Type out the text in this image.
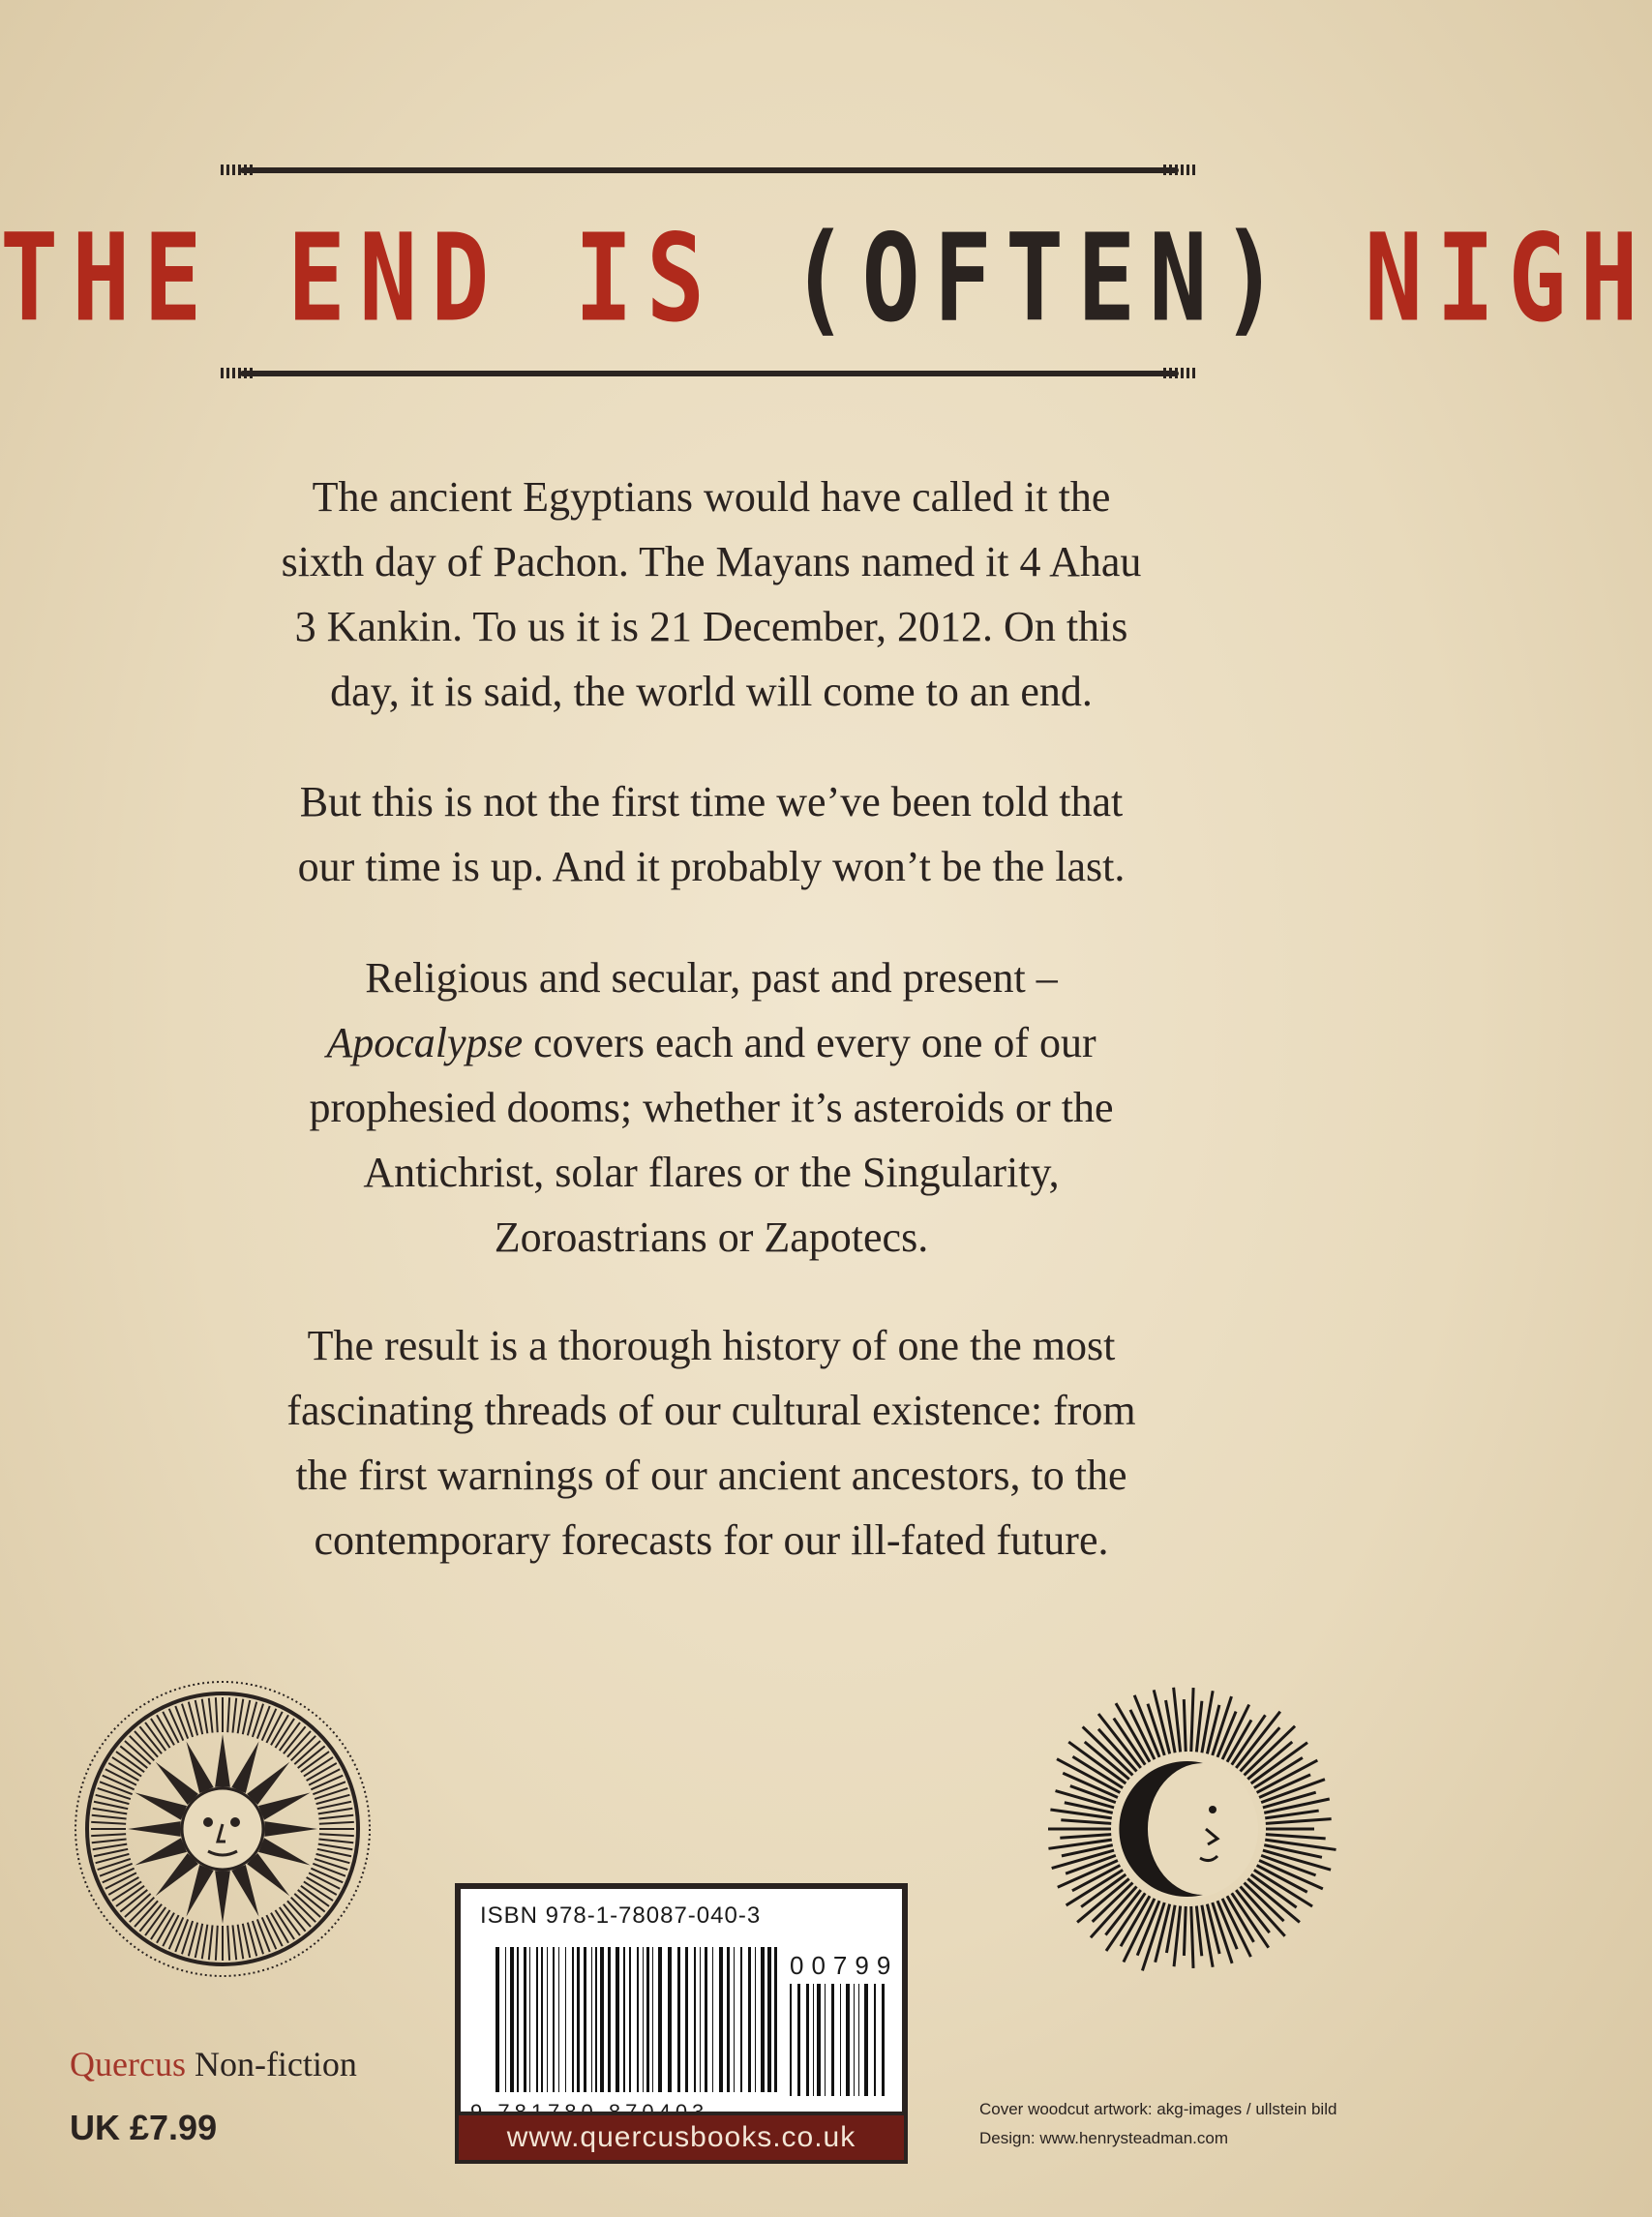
THE END IS (OFTEN) NIGH

The ancient Egyptians would have called it the

sixth day of Pachon. The Mayans named it 4 Ahau

3 Kankin. To us it is 21 December, 2012. On this

day, it is said, the world will come to an end.

But this is not the first time we’ve been told that

our time is up. And it probably won’t be the last.

Religious and secular, past and present –

Apocalypse covers each and every one of our

prophesied dooms; whether it’s asteroids or the

Antichrist, solar flares or the Singularity,

Zoroastrians or Zapotecs.

The result is a thorough history of one the most

fascinating threads of our cultural existence: from

the first warnings of our ancient ancestors, to the

contemporary forecasts for our ill-fated future.

Quercus Non-fiction
UK £7.99
ISBN 978-1-78087-040-3
00799
www.quercusbooks.co.uk
Cover woodcut artwork: akg-images / ullstein bild
Design: www.henrysteadman.com
